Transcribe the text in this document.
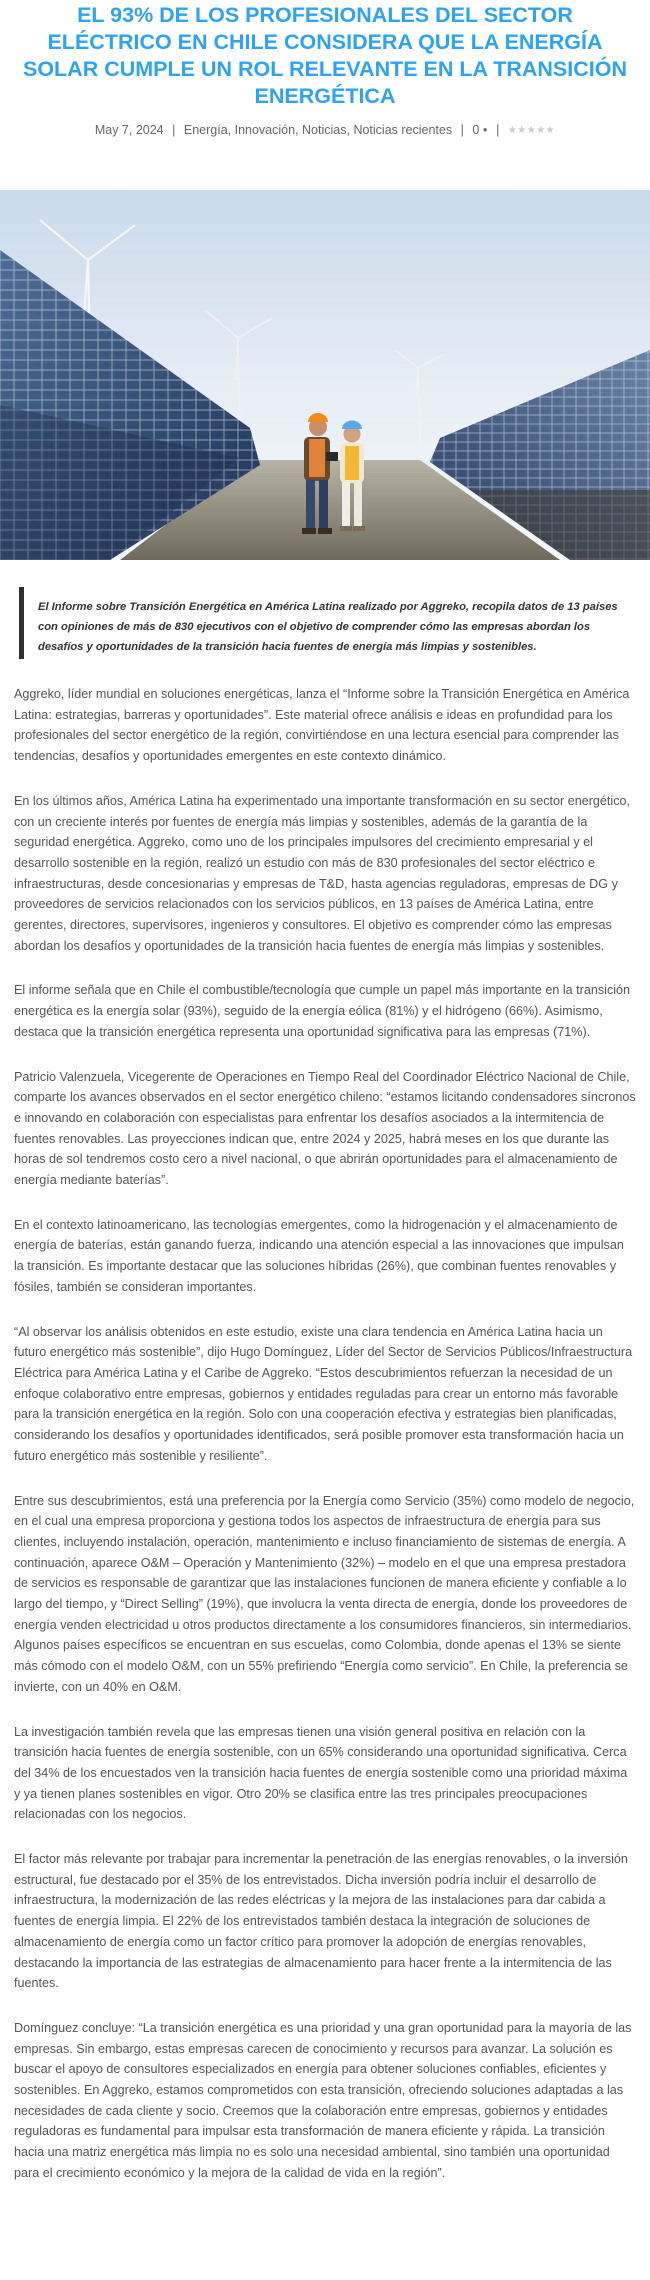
EL 93% DE LOS PROFESIONALES DEL SECTOR ELÉCTRICO EN CHILE CONSIDERA QUE LA ENERGÍA SOLAR CUMPLE UN ROL RELEVANTE EN LA TRANSICIÓN ENERGÉTICA
May 7, 2024 | Energía, Innovación, Noticias, Noticias recientes | 0 ● | ★★★★★
El Informe sobre Transición Energética en América Latina realizado por Aggreko, recopila datos de 13 países con opiniones de más de 830 ejecutivos con el objetivo de comprender cómo las empresas abordan los desafíos y oportunidades de la transición hacia fuentes de energía más limpias y sostenibles.

Aggreko, líder mundial en soluciones energéticas, lanza el “Informe sobre la Transición Energética en América Latina: estrategias, barreras y oportunidades”. Este material ofrece análisis e ideas en profundidad para los profesionales del sector energético de la región, convirtiéndose en una lectura esencial para comprender las tendencias, desafíos y oportunidades emergentes en este contexto dinámico.

En los últimos años, América Latina ha experimentado una importante transformación en su sector energético, con un creciente interés por fuentes de energía más limpias y sostenibles, además de la garantía de la seguridad energética. Aggreko, como uno de los principales impulsores del crecimiento empresarial y el desarrollo sostenible en la región, realizó un estudio con más de 830 profesionales del sector eléctrico e infraestructuras, desde concesionarias y empresas de T&D, hasta agencias reguladoras, empresas de DG y proveedores de servicios relacionados con los servicios públicos, en 13 países de América Latina, entre gerentes, directores, supervisores, ingenieros y consultores. El objetivo es comprender cómo las empresas abordan los desafíos y oportunidades de la transición hacia fuentes de energía más limpias y sostenibles.

El informe señala que en Chile el combustible/tecnología que cumple un papel más importante en la transición energética es la energía solar (93%), seguido de la energía eólica (81%) y el hidrógeno (66%). Asimismo, destaca que la transición energética representa una oportunidad significativa para las empresas (71%).

Patricio Valenzuela, Vicegerente de Operaciones en Tiempo Real del Coordinador Eléctrico Nacional de Chile, comparte los avances observados en el sector energético chileno: “estamos licitando condensadores síncronos e innovando en colaboración con especialistas para enfrentar los desafíos asociados a la intermitencia de fuentes renovables. Las proyecciones indican que, entre 2024 y 2025, habrá meses en los que durante las horas de sol tendremos costo cero a nivel nacional, o que abrirán oportunidades para el almacenamiento de energía mediante baterías”.

En el contexto latinoamericano, las tecnologías emergentes, como la hidrogenación y el almacenamiento de energía de baterías, están ganando fuerza, indicando una atención especial a las innovaciones que impulsan la transición. Es importante destacar que las soluciones híbridas (26%), que combinan fuentes renovables y fósiles, también se consideran importantes.

“Al observar los análisis obtenidos en este estudio, existe una clara tendencia en América Latina hacia un futuro energético más sostenible”, dijo Hugo Domínguez, Líder del Sector de Servicios Públicos/Infraestructura Eléctrica para América Latina y el Caribe de Aggreko. “Estos descubrimientos refuerzan la necesidad de un enfoque colaborativo entre empresas, gobiernos y entidades reguladas para crear un entorno más favorable para la transición energética en la región. Solo con una cooperación efectiva y estrategias bien planificadas, considerando los desafíos y oportunidades identificados, será posible promover esta transformación hacia un futuro energético más sostenible y resiliente”.

Entre sus descubrimientos, está una preferencia por la Energía como Servicio (35%) como modelo de negocio, en el cual una empresa proporciona y gestiona todos los aspectos de infraestructura de energía para sus clientes, incluyendo instalación, operación, mantenimiento e incluso financiamiento de sistemas de energía. A continuación, aparece O&M – Operación y Mantenimiento (32%) – modelo en el que una empresa prestadora de servicios es responsable de garantizar que las instalaciones funcionen de manera eficiente y confiable a lo largo del tiempo, y “Direct Selling” (19%), que involucra la venta directa de energía, donde los proveedores de energía venden electricidad u otros productos directamente a los consumidores financieros, sin intermediarios. Algunos países específicos se encuentran en sus escuelas, como Colombia, donde apenas el 13% se siente más cómodo con el modelo O&M, con un 55% prefiriendo “Energía como servicio”. En Chile, la preferencia se invierte, con un 40% en O&M.

La investigación también revela que las empresas tienen una visión general positiva en relación con la transición hacia fuentes de energía sostenible, con un 65% considerando una oportunidad significativa. Cerca del 34% de los encuestados ven la transición hacia fuentes de energía sostenible como una prioridad máxima y ya tienen planes sostenibles en vigor. Otro 20% se clasifica entre las tres principales preocupaciones relacionadas con los negocios.

El factor más relevante por trabajar para incrementar la penetración de las energías renovables, o la inversión estructural, fue destacado por el 35% de los entrevistados. Dicha inversión podría incluir el desarrollo de infraestructura, la modernización de las redes eléctricas y la mejora de las instalaciones para dar cabida a fuentes de energía limpia. El 22% de los entrevistados también destaca la integración de soluciones de almacenamiento de energía como un factor crítico para promover la adopción de energías renovables, destacando la importancia de las estrategias de almacenamiento para hacer frente a la intermitencia de las fuentes.

Domínguez concluye: “La transición energética es una prioridad y una gran oportunidad para la mayoría de las empresas. Sin embargo, estas empresas carecen de conocimiento y recursos para avanzar. La solución es buscar el apoyo de consultores especializados en energía para obtener soluciones confiables, eficientes y sostenibles. En Aggreko, estamos comprometidos con esta transición, ofreciendo soluciones adaptadas a las necesidades de cada cliente y socio. Creemos que la colaboración entre empresas, gobiernos y entidades reguladoras es fundamental para impulsar esta transformación de manera eficiente y rápida. La transición hacia una matriz energética más limpia no es solo una necesidad ambiental, sino también una oportunidad para el crecimiento económico y la mejora de la calidad de vida en la región”.
